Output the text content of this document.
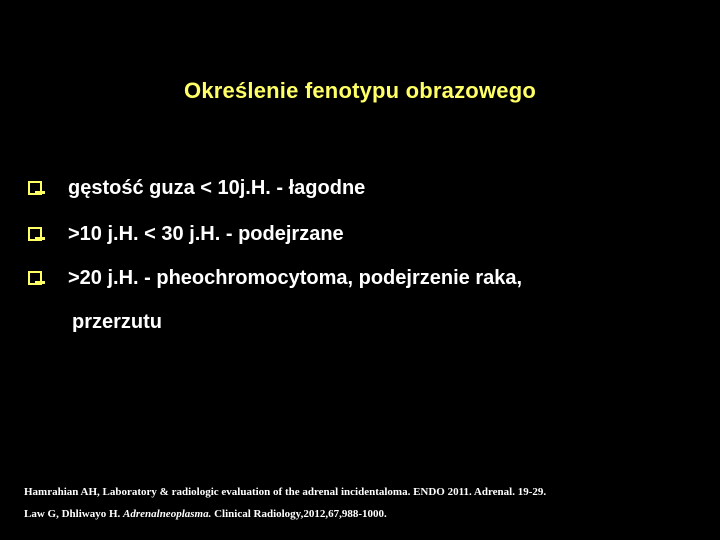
Określenie fenotypu obrazowego
gęstość guza < 10j.H. - łagodne
>10 j.H. < 30 j.H. - podejrzane
>20 j.H. - pheochromocytoma, podejrzenie raka,
przerzutu
Hamrahian AH, Laboratory & radiologic evaluation of the adrenal incidentaloma. ENDO 2011. Adrenal. 19-29.
Law G, Dhliwayo H. Adrenalneoplasma. Clinical Radiology,2012,67,988-1000.
